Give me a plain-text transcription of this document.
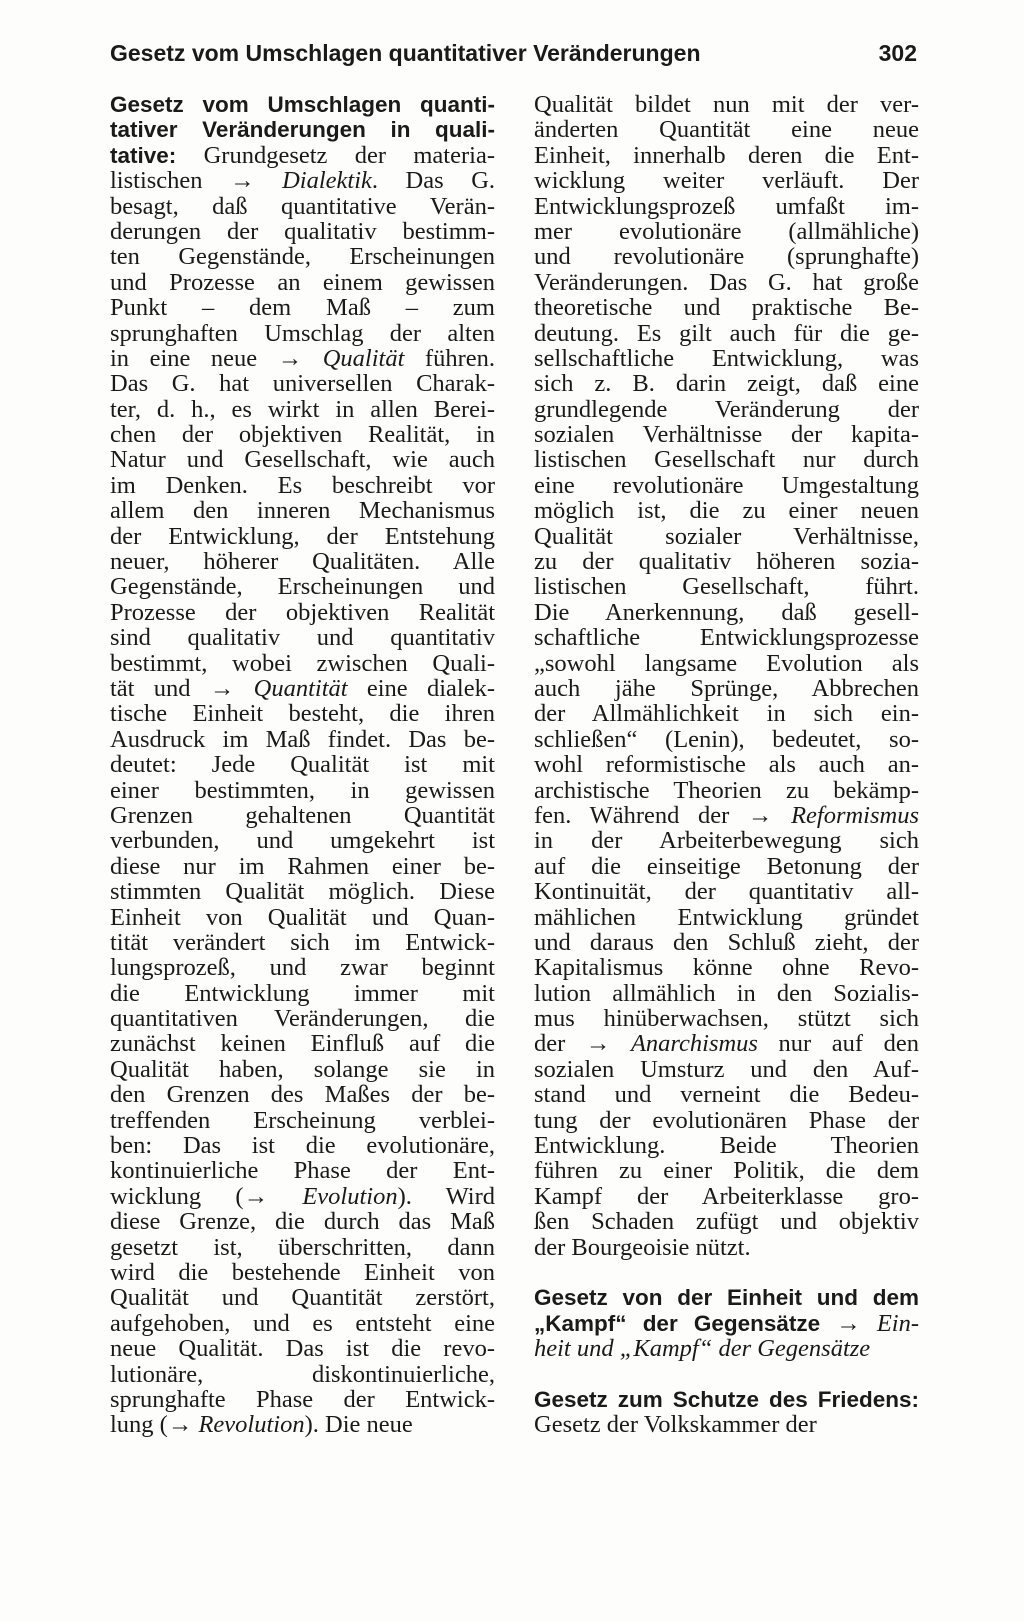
Gesetz vom Umschlagen quantitativer Veränderungen	302
Gesetz vom Umschlagen quanti-
tativer Veränderungen in quali-
tative: Grundgesetz der materia-
listischen → Dialektik. Das G.
besagt, daß quantitative Verän-
derungen der qualitativ bestimm-
ten Gegenstände, Erscheinungen
und Prozesse an einem gewissen
Punkt – dem Maß – zum
sprunghaften Umschlag der alten
in eine neue → Qualität führen.
Das G. hat universellen Charak-
ter, d. h., es wirkt in allen Berei-
chen der objektiven Realität, in
Natur und Gesellschaft, wie auch
im Denken. Es beschreibt vor
allem den inneren Mechanismus
der Entwicklung, der Entstehung
neuer, höherer Qualitäten. Alle
Gegenstände, Erscheinungen und
Prozesse der objektiven Realität
sind qualitativ und quantitativ
bestimmt, wobei zwischen Quali-
tät und → Quantität eine dialek-
tische Einheit besteht, die ihren
Ausdruck im Maß findet. Das be-
deutet: Jede Qualität ist mit
einer bestimmten, in gewissen
Grenzen gehaltenen Quantität
verbunden, und umgekehrt ist
diese nur im Rahmen einer be-
stimmten Qualität möglich. Diese
Einheit von Qualität und Quan-
tität verändert sich im Entwick-
lungsprozeß, und zwar beginnt
die Entwicklung immer mit
quantitativen Veränderungen, die
zunächst keinen Einfluß auf die
Qualität haben, solange sie in
den Grenzen des Maßes der be-
treffenden Erscheinung verblei-
ben: Das ist die evolutionäre,
kontinuierliche Phase der Ent-
wicklung (→ Evolution). Wird
diese Grenze, die durch das Maß
gesetzt ist, überschritten, dann
wird die bestehende Einheit von
Qualität und Quantität zerstört,
aufgehoben, und es entsteht eine
neue Qualität. Das ist die revo-
lutionäre, diskontinuierliche,
sprunghafte Phase der Entwick-
lung (→ Revolution). Die neue
Qualität bildet nun mit der ver-
änderten Quantität eine neue
Einheit, innerhalb deren die Ent-
wicklung weiter verläuft. Der
Entwicklungsprozeß umfaßt im-
mer evolutionäre (allmähliche)
und revolutionäre (sprunghafte)
Veränderungen. Das G. hat große
theoretische und praktische Be-
deutung. Es gilt auch für die ge-
sellschaftliche Entwicklung, was
sich z. B. darin zeigt, daß eine
grundlegende Veränderung der
sozialen Verhältnisse der kapita-
listischen Gesellschaft nur durch
eine revolutionäre Umgestaltung
möglich ist, die zu einer neuen
Qualität sozialer Verhältnisse,
zu der qualitativ höheren sozia-
listischen Gesellschaft, führt.
Die Anerkennung, daß gesell-
schaftliche Entwicklungsprozesse
„sowohl langsame Evolution als
auch jähe Sprünge, Abbrechen
der Allmählichkeit in sich ein-
schließen“ (Lenin), bedeutet, so-
wohl reformistische als auch an-
archistische Theorien zu bekämp-
fen. Während der → Reformismus
in der Arbeiterbewegung sich
auf die einseitige Betonung der
Kontinuität, der quantitativ all-
mählichen Entwicklung gründet
und daraus den Schluß zieht, der
Kapitalismus könne ohne Revo-
lution allmählich in den Sozialis-
mus hinüberwachsen, stützt sich
der → Anarchismus nur auf den
sozialen Umsturz und den Auf-
stand und verneint die Bedeu-
tung der evolutionären Phase der
Entwicklung. Beide Theorien
führen zu einer Politik, die dem
Kampf der Arbeiterklasse gro-
ßen Schaden zufügt und objektiv
der Bourgeoisie nützt.
Gesetz von der Einheit und dem
„Kampf“ der Gegensätze → Ein-
heit und „Kampf“ der Gegensätze
Gesetz zum Schutze des Friedens:
Gesetz der Volkskammer der
